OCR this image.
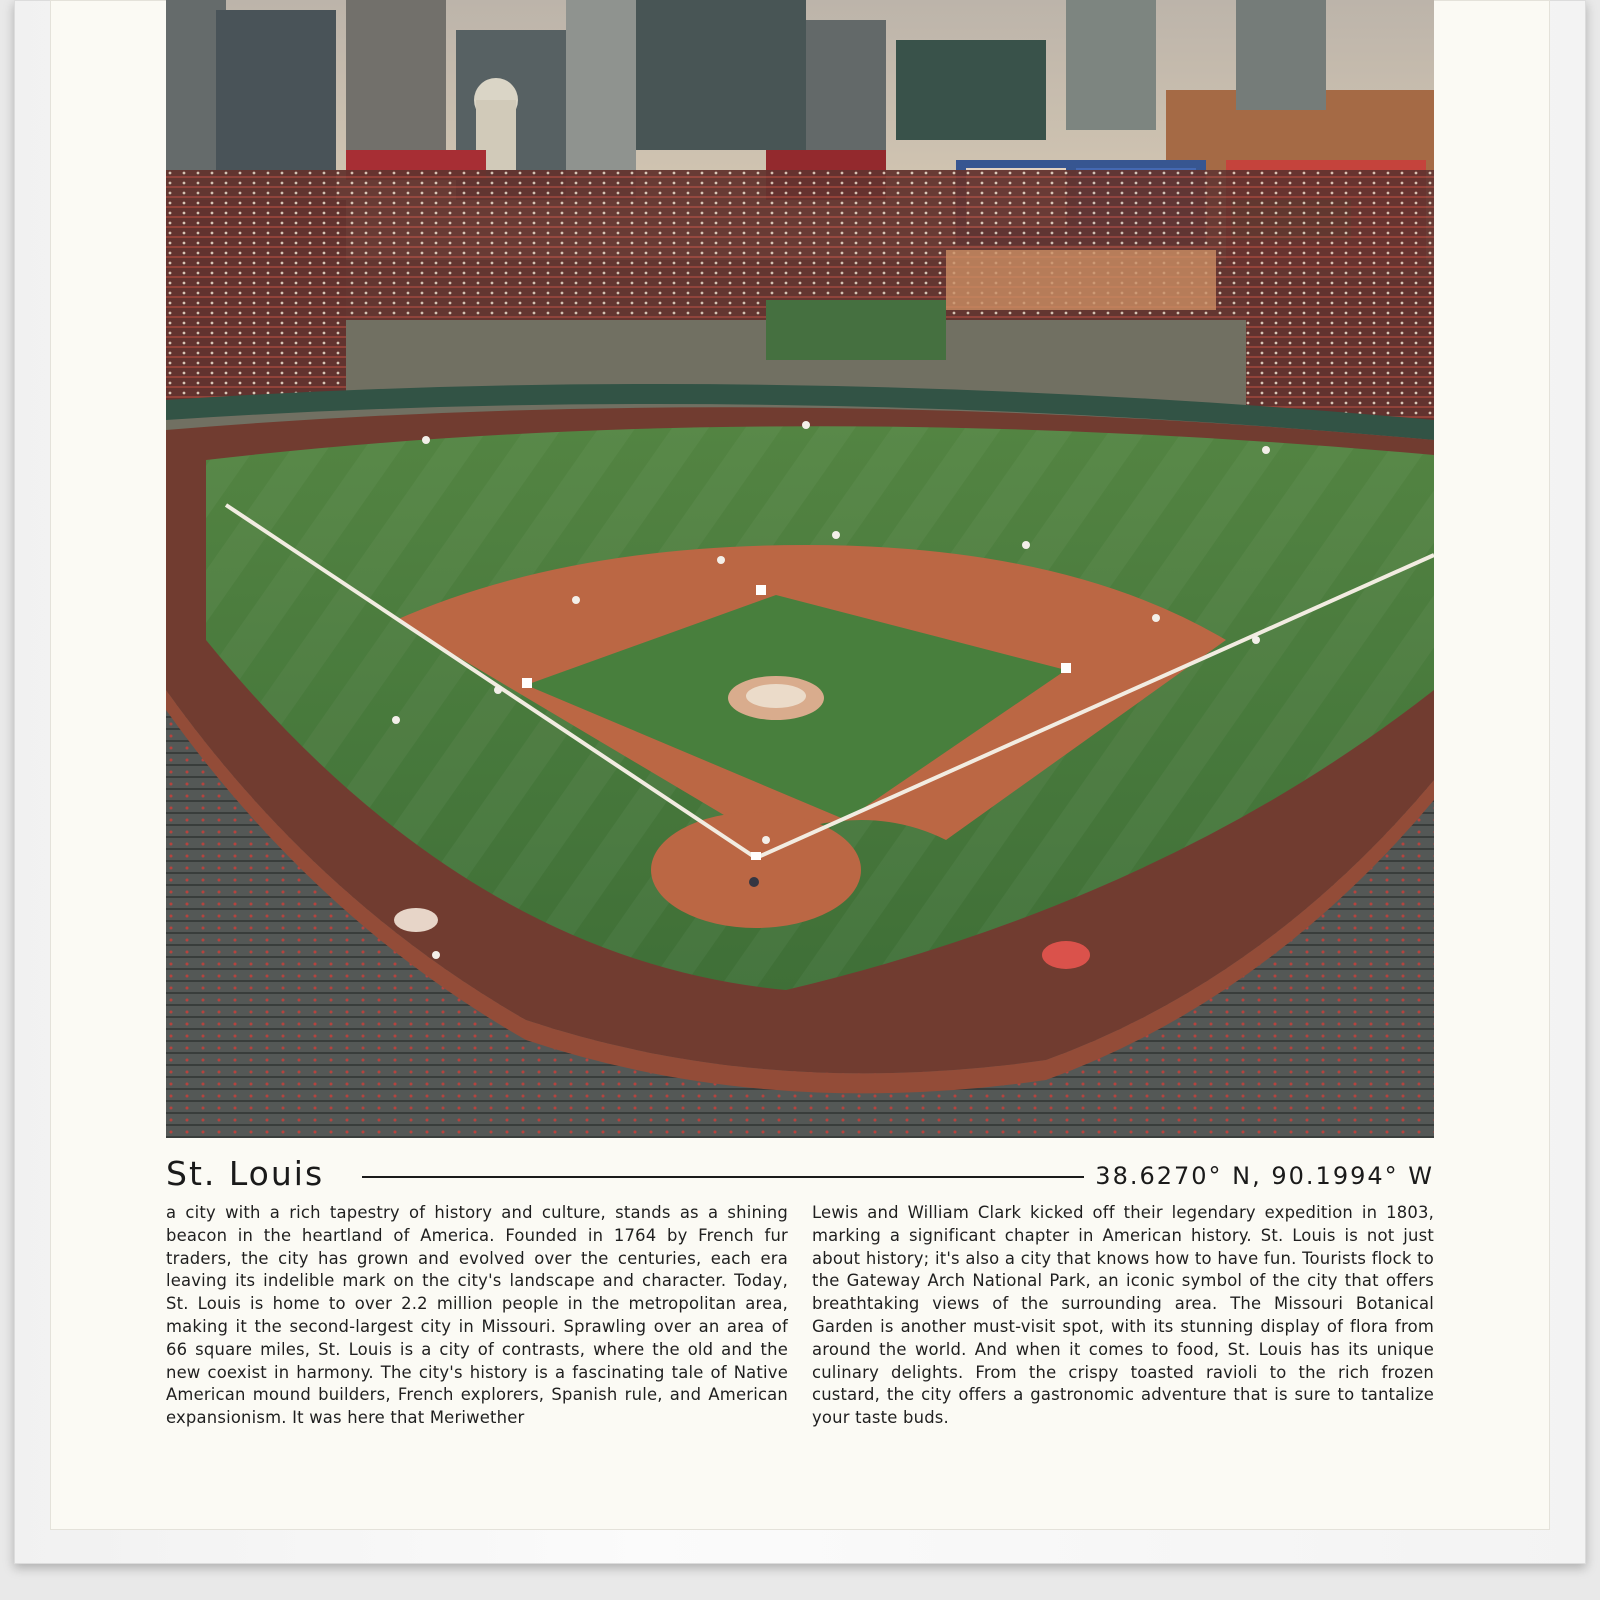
St. Louis	38.6270° N, 90.1994° W
a city with a rich tapestry of history and culture, stands as a shining beacon in the heartland of America. Founded in 1764 by French fur traders, the city has grown and evolved over the centuries, each era leaving its indelible mark on the city's landscape and character. Today, St. Louis is home to over 2.2 million people in the metropolitan area, making it the second-largest city in Missouri. Sprawling over an area of 66 square miles, St. Louis is a city of contrasts, where the old and the new coexist in harmony. The city's history is a fascinating tale of Native American mound builders, French explorers, Spanish rule, and American expansionism. It was here that Meriwether
Lewis and William Clark kicked off their legendary expedition in 1803, marking a significant chapter in American history. St. Louis is not just about history; it's also a city that knows how to have fun. Tourists flock to the Gateway Arch National Park, an iconic symbol of the city that offers breathtaking views of the surrounding area. The Missouri Botanical Garden is another must-visit spot, with its stunning display of flora from around the world. And when it comes to food, St. Louis has its unique culinary delights. From the crispy toasted ravioli to the rich frozen custard, the city offers a gastronomic adventure that is sure to tantalize your taste buds.
